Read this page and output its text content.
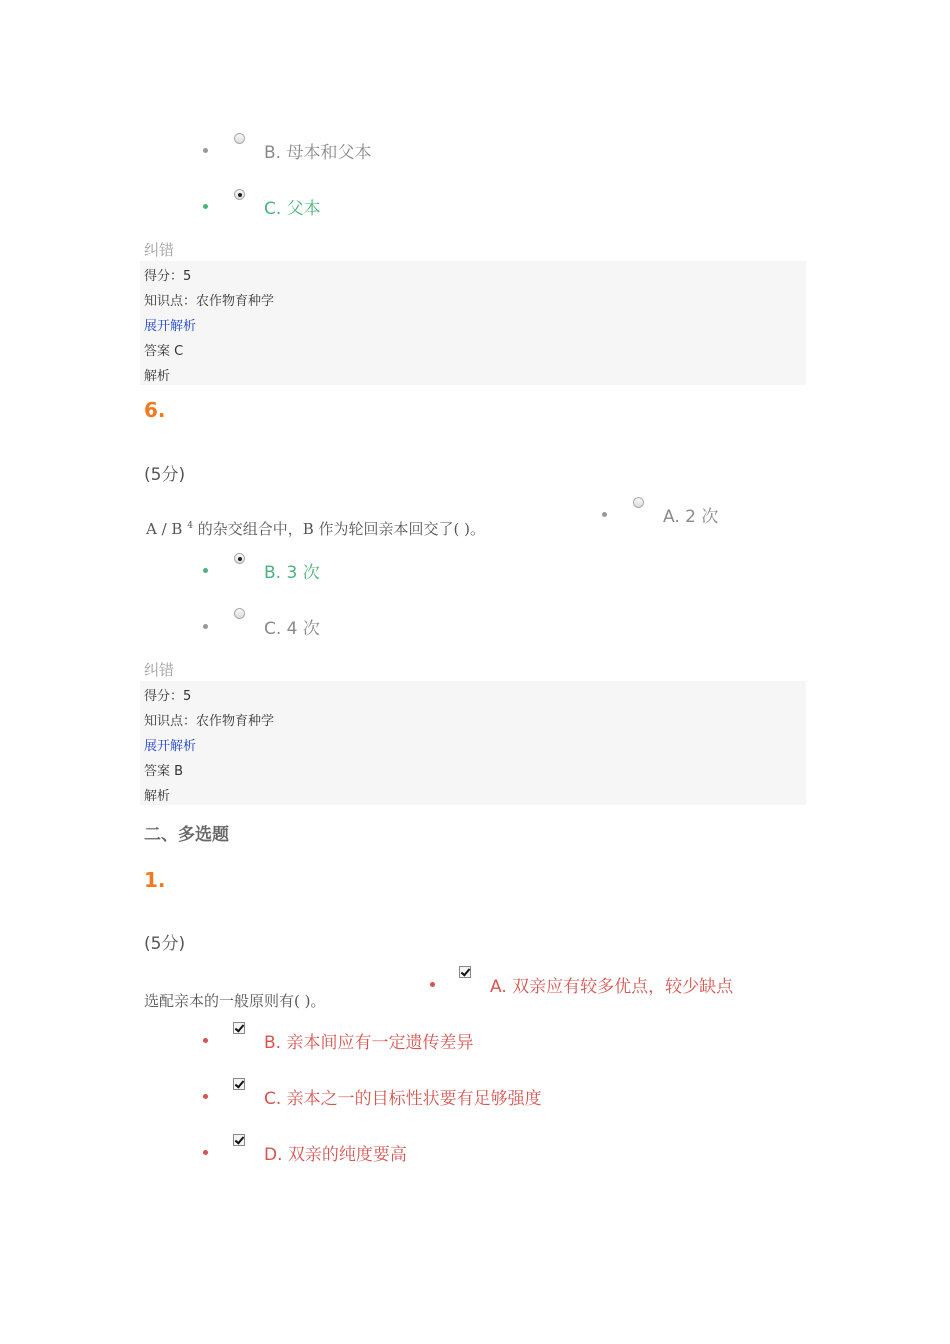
B. 母本和父本
C. 父本
纠错
得分：5
知识点：农作物育种学
展开解析
答案 C
解析
6.
(5分)
A / B $^4$ 的杂交组合中，B 作为轮回亲本回交了( )。
A. 2 次
B. 3 次
C. 4 次
纠错
得分：5
知识点：农作物育种学
展开解析
答案 B
解析
二、多选题
1.
(5分)
选配亲本的一般原则有( )。
A. 双亲应有较多优点，较少缺点
B. 亲本间应有一定遗传差异
C. 亲本之一的目标性状要有足够强度
D. 双亲的纯度要高
